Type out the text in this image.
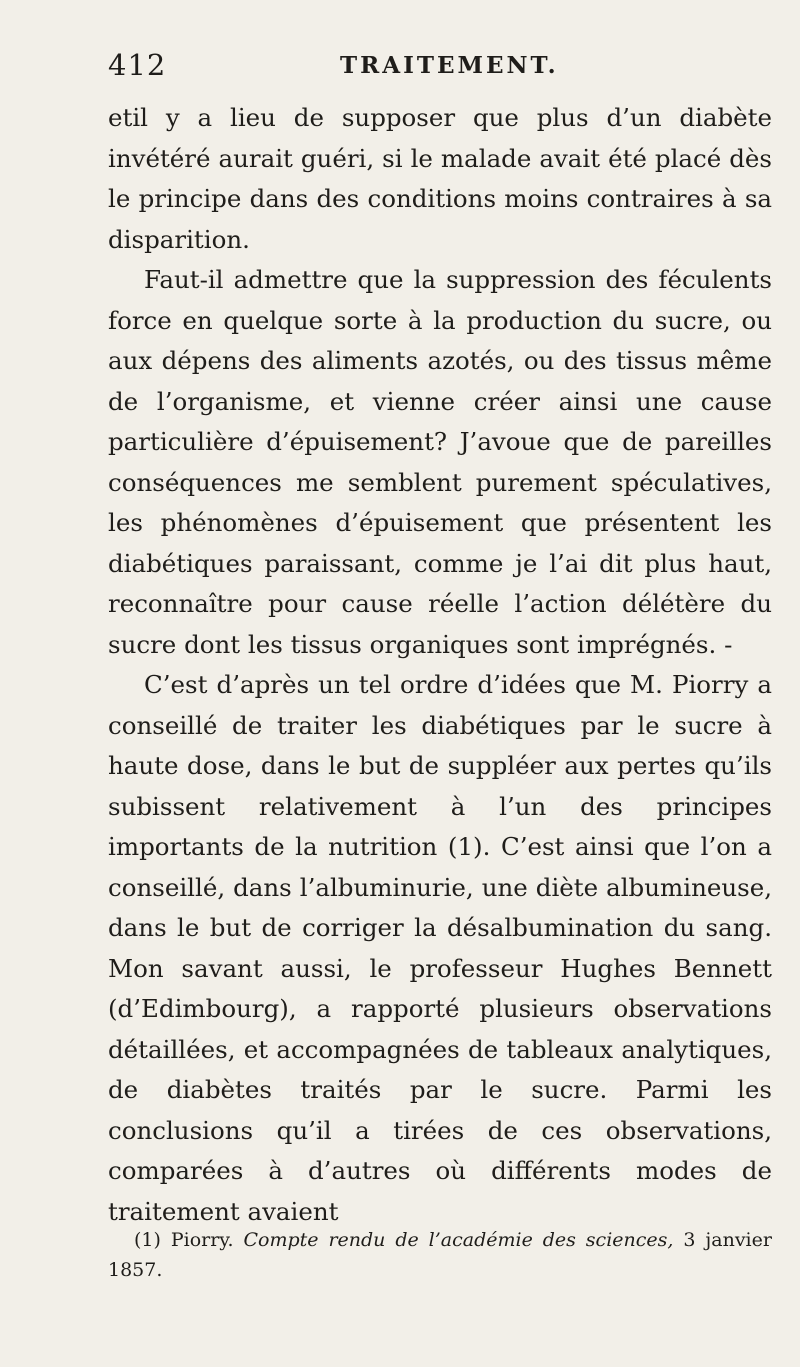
412	TRAITEMENT.

etil y a lieu de supposer que plus d’un diabète invétéré aurait guéri, si le malade avait été placé dès le principe dans des conditions moins contraires à sa disparition.

Faut-il admettre que la suppression des féculents force en quelque sorte à la production du sucre, ou aux dépens des aliments azotés, ou des tissus même de l’organisme, et vienne créer ainsi une cause particulière d’épuisement? J’avoue que de pareilles conséquences me semblent purement spéculatives, les phénomènes d’épuisement que présentent les diabétiques paraissant, comme je l’ai dit plus haut, reconnaître pour cause réelle l’action délétère du sucre dont les tissus organiques sont imprégnés. -

C’est d’après un tel ordre d’idées que M. Piorry a conseillé de traiter les diabétiques par le sucre à haute dose, dans le but de suppléer aux pertes qu’ils subissent relativement à l’un des principes importants de la nutrition (1). C’est ainsi que l’on a conseillé, dans l’albuminurie, une diète albumineuse, dans le but de corriger la désalbumination du sang. Mon savant aussi, le professeur Hughes Bennett (d’Edimbourg), a rapporté plusieurs observations détaillées, et accompagnées de tableaux analytiques, de diabètes traités par le sucre. Parmi les conclusions qu’il a tirées de ces observations, comparées à d’autres où différents modes de traitement avaient

(1) Piorry. Compte rendu de l’académie des sciences, 3 janvier 1857.
